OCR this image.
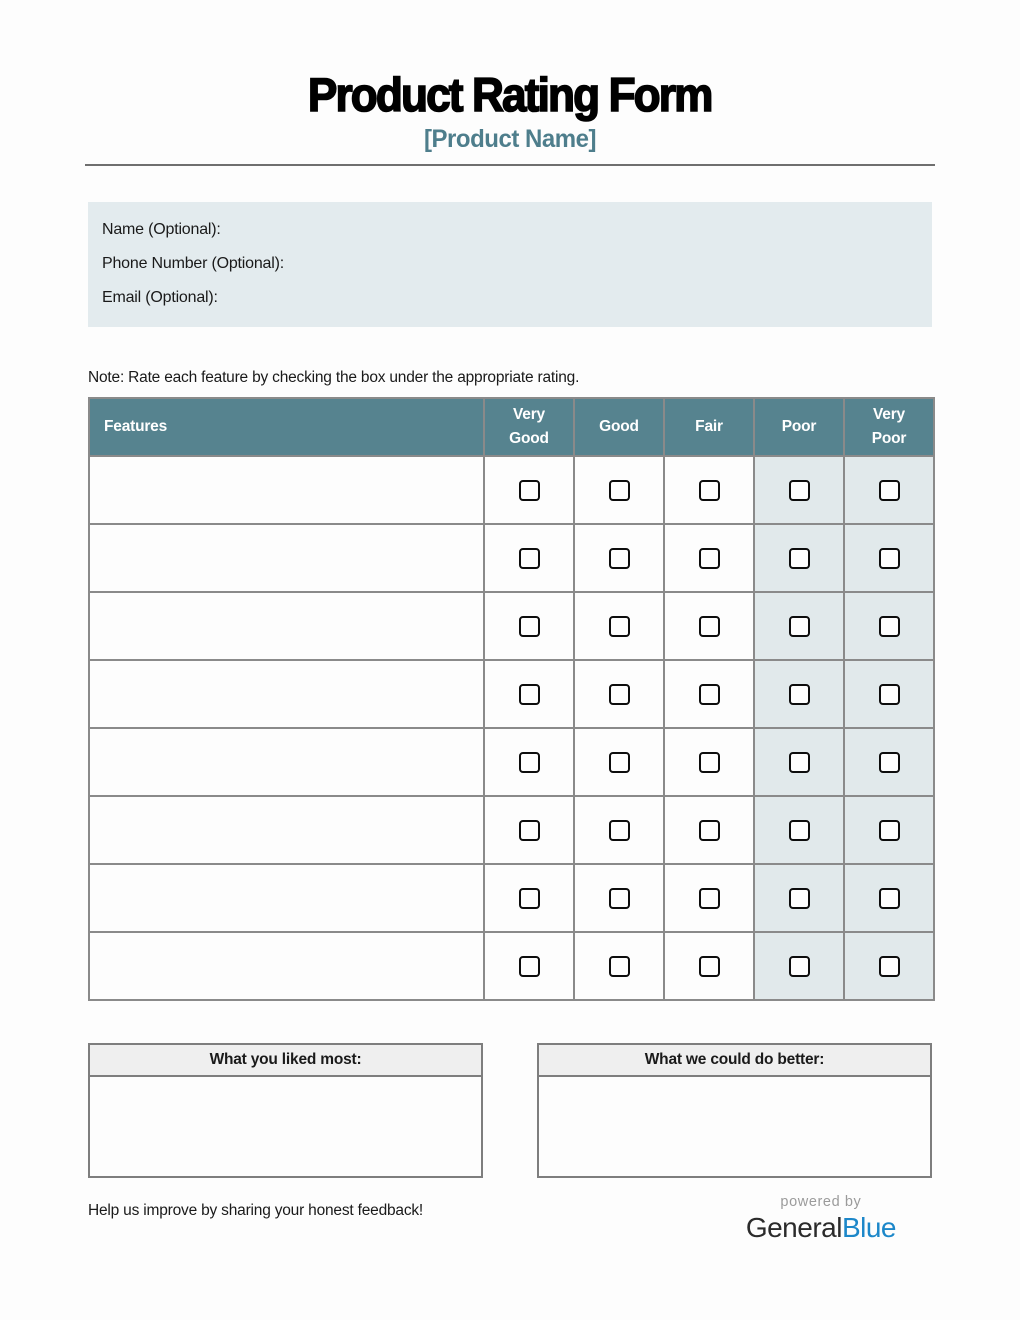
Product Rating Form
[Product Name]
Name (Optional):
Phone Number (Optional):
Email (Optional):

Note: Rate each feature by checking the box under the appropriate rating.

Features	Very Good	Good	Fair	Poor	Very Poor

What you liked most:	What we could do better:

Help us improve by sharing your honest feedback!	powered by
GeneralBlue
